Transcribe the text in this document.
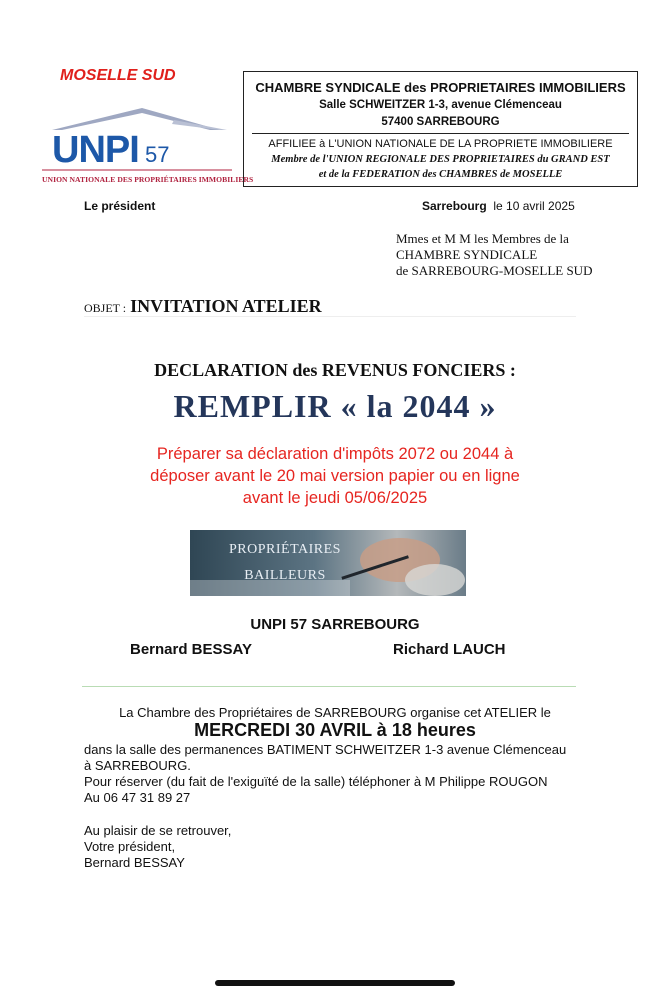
MOSELLE SUD
UNPI 57
UNION NATIONALE DES PROPRIÉTAIRES IMMOBILIERS
CHAMBRE SYNDICALE des PROPRIETAIRES IMMOBILIERS
Salle SCHWEITZER 1-3, avenue Clémenceau
57400 SARREBOURG
AFFILIEE à L'UNION NATIONALE DE LA PROPRIETE IMMOBILIERE
Membre de l'UNION REGIONALE DES PROPRIETAIRES du GRAND EST
et de la FEDERATION des CHAMBRES de MOSELLE
Le président	Sarrebourg le 10 avril 2025
Mmes et M M les Membres de la
CHAMBRE SYNDICALE
de SARREBOURG-MOSELLE SUD
OBJET : INVITATION ATELIER
DECLARATION des REVENUS FONCIERS :
REMPLIR « la 2044 »
Préparer sa déclaration d'impôts 2072 ou 2044 à
déposer avant le 20 mai version papier ou en ligne
avant le jeudi 05/06/2025
PROPRIÉTAIRES
BAILLEURS
UNPI 57 SARREBOURG
Bernard BESSAY	Richard LAUCH
La Chambre des Propriétaires de SARREBOURG organise cet ATELIER le
MERCREDI 30 AVRIL à 18 heures
dans la salle des permanences BATIMENT SCHWEITZER 1-3 avenue Clémenceau
à SARREBOURG.
Pour réserver (du fait de l'exiguïté de la salle) téléphoner à M Philippe ROUGON
Au 06 47 31 89 27
Au plaisir de se retrouver,
Votre président,
Bernard BESSAY
